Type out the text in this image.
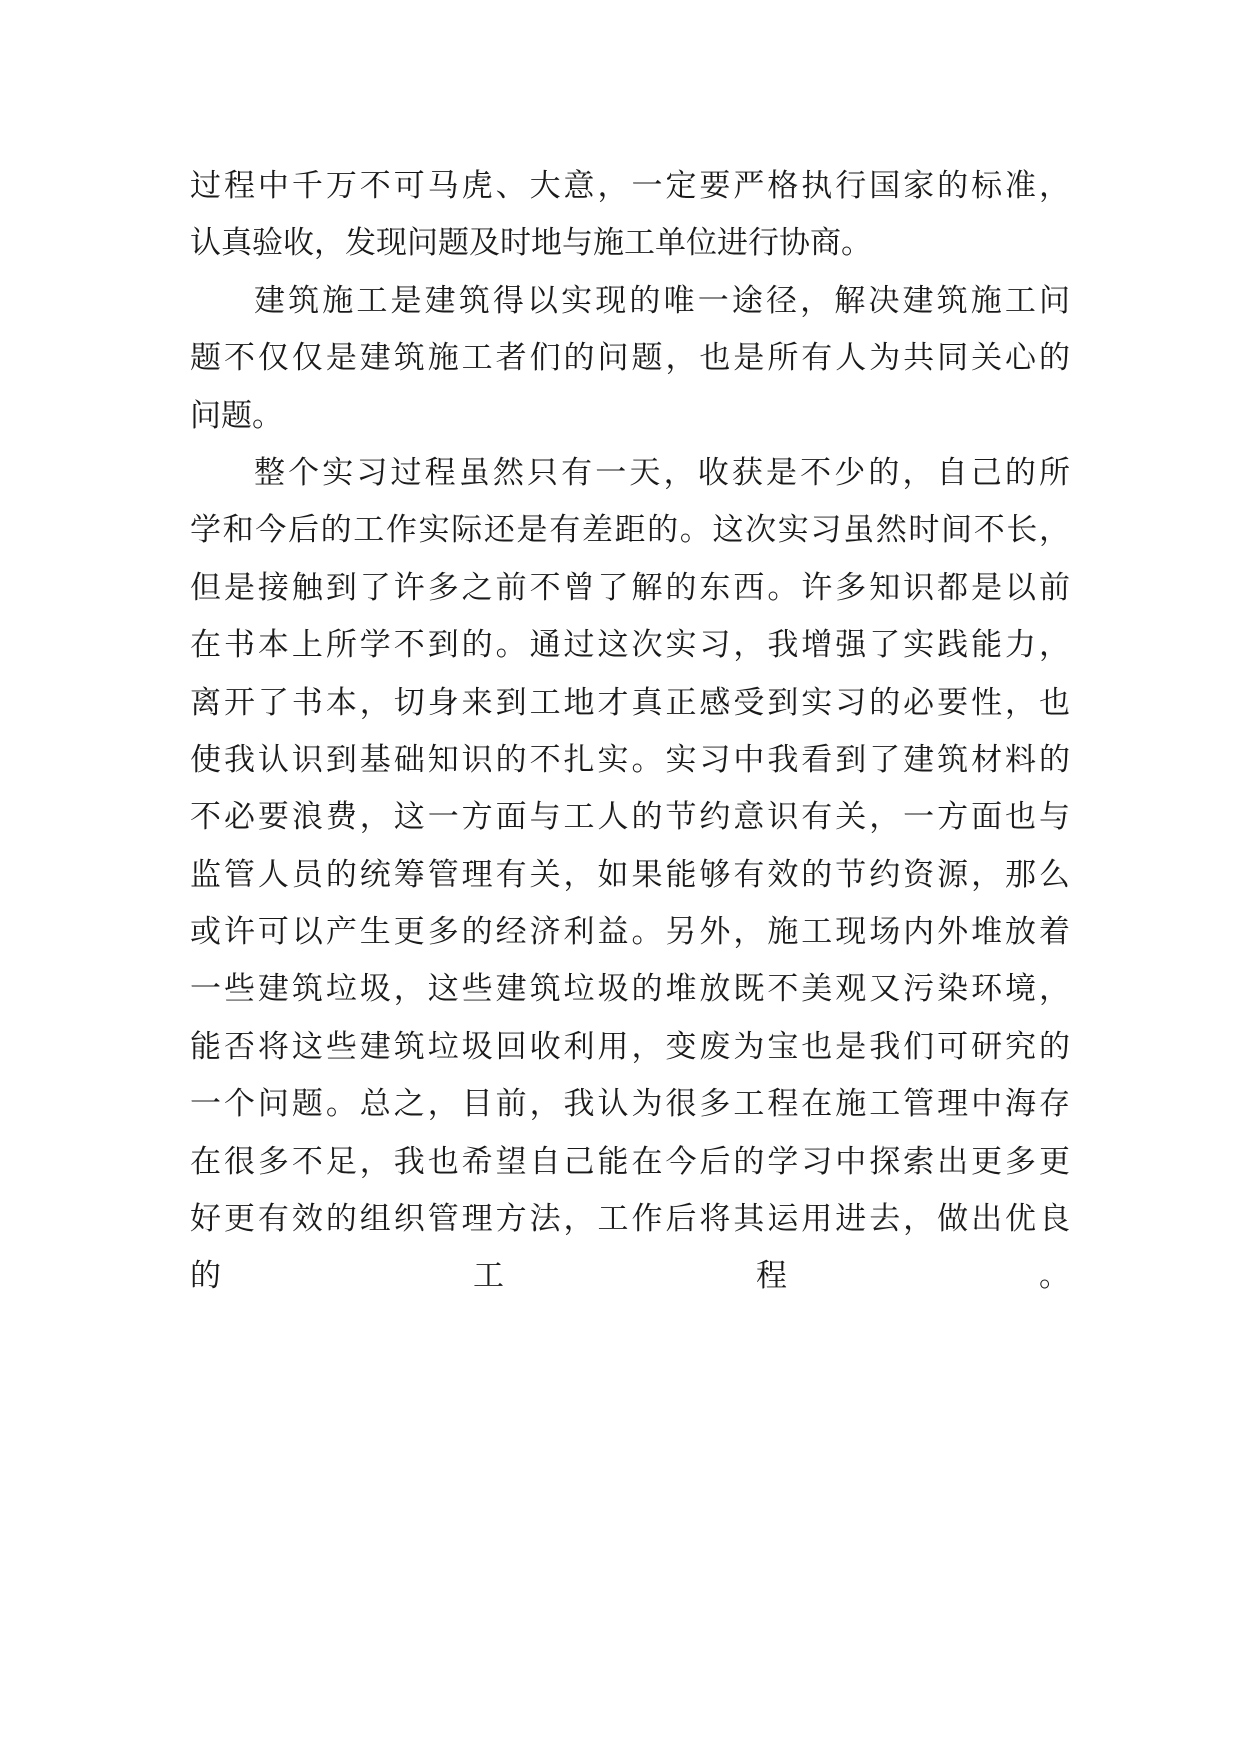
过程中千万不可马虎、大意，一定要严格执行国家的标准，
认真验收，发现问题及时地与施工单位进行协商。
建筑施工是建筑得以实现的唯一途径，解决建筑施工问
题不仅仅是建筑施工者们的问题，也是所有人为共同关心的
问题。
整个实习过程虽然只有一天，收获是不少的，自己的所
学和今后的工作实际还是有差距的。这次实习虽然时间不长，
但是接触到了许多之前不曾了解的东西。许多知识都是以前
在书本上所学不到的。通过这次实习，我增强了实践能力，
离开了书本，切身来到工地才真正感受到实习的必要性，也
使我认识到基础知识的不扎实。实习中我看到了建筑材料的
不必要浪费，这一方面与工人的节约意识有关，一方面也与
监管人员的统筹管理有关，如果能够有效的节约资源，那么
或许可以产生更多的经济利益。另外，施工现场内外堆放着
一些建筑垃圾，这些建筑垃圾的堆放既不美观又污染环境，
能否将这些建筑垃圾回收利用，变废为宝也是我们可研究的
一个问题。总之，目前，我认为很多工程在施工管理中海存
在很多不足，我也希望自己能在今后的学习中探索出更多更
好更有效的组织管理方法，工作后将其运用进去，做出优良
的工程。
